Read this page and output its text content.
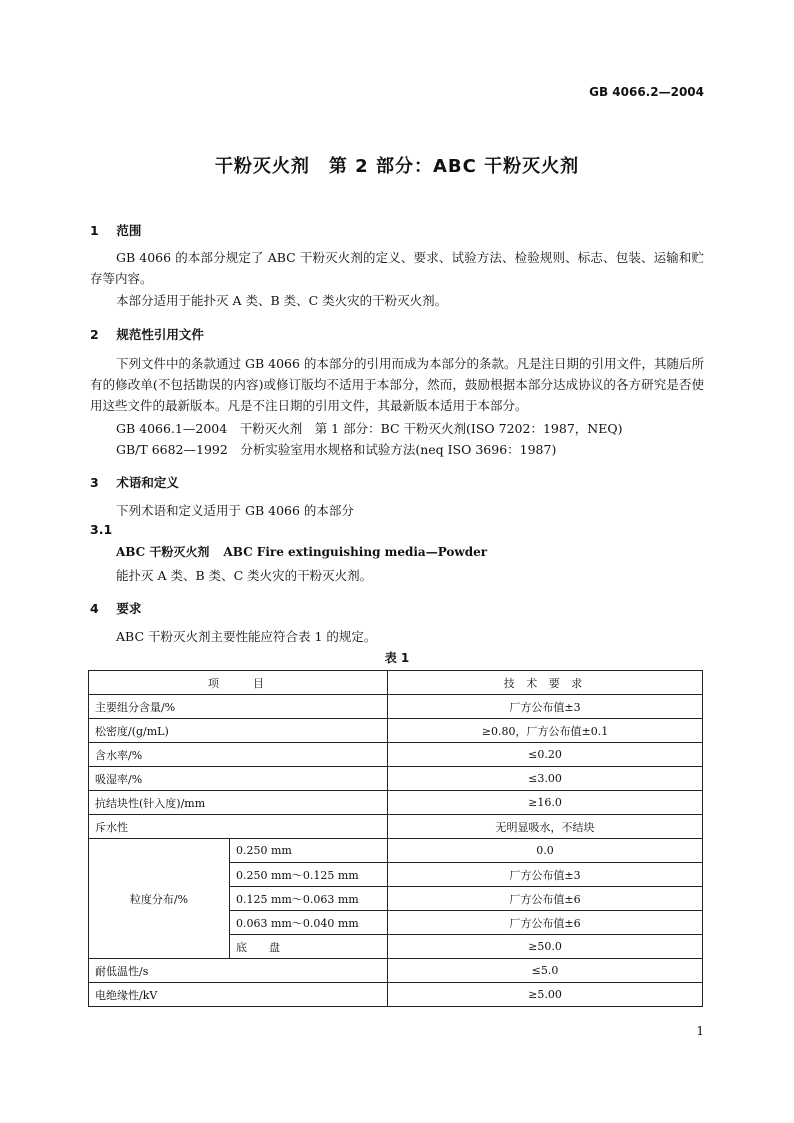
GB 4066.2—2004
干粉灭火剂　第 2 部分：ABC 干粉灭火剂
1 范围
GB 4066 的本部分规定了 ABC 干粉灭火剂的定义、要求、试验方法、检验规则、标志、包装、运输和贮存等内容。
本部分适用于能扑灭 A 类、B 类、C 类火灾的干粉灭火剂。
2 规范性引用文件
下列文件中的条款通过 GB 4066 的本部分的引用而成为本部分的条款。凡是注日期的引用文件，其随后所有的修改单(不包括勘误的内容)或修订版均不适用于本部分，然而，鼓励根据本部分达成协议的各方研究是否使用这些文件的最新版本。凡是不注日期的引用文件，其最新版本适用于本部分。
GB 4066.1—2004　干粉灭火剂　第 1 部分：BC 干粉灭火剂(ISO 7202：1987，NEQ)
GB/T 6682—1992　分析实验室用水规格和试验方法(neq ISO 3696：1987)
3 术语和定义
下列术语和定义适用于 GB 4066 的本部分
3.1
ABC 干粉灭火剂 ABC Fire extinguishing media—Powder
能扑灭 A 类、B 类、C 类火灾的干粉灭火剂。
4 要求
ABC 干粉灭火剂主要性能应符合表 1 的规定。
表 1
项　　目		技 术 要 求
主要组分含量/%		厂方公布值±3
松密度/(g/mL)		≥0.80，厂方公布值±0.1
含水率/%		≤0.20
吸湿率/%		≤3.00
抗结块性(针入度)/mm		≥16.0
斥水性		无明显吸水，不结块
粒度分布/%	0.250 mm	0.0
	0.250 mm～0.125 mm	厂方公布值±3
	0.125 mm～0.063 mm	厂方公布值±6
	0.063 mm～0.040 mm	厂方公布值±6
	底　　盘	≥50.0
耐低温性/s		≤5.0
电绝缘性/kV		≥5.00
1
